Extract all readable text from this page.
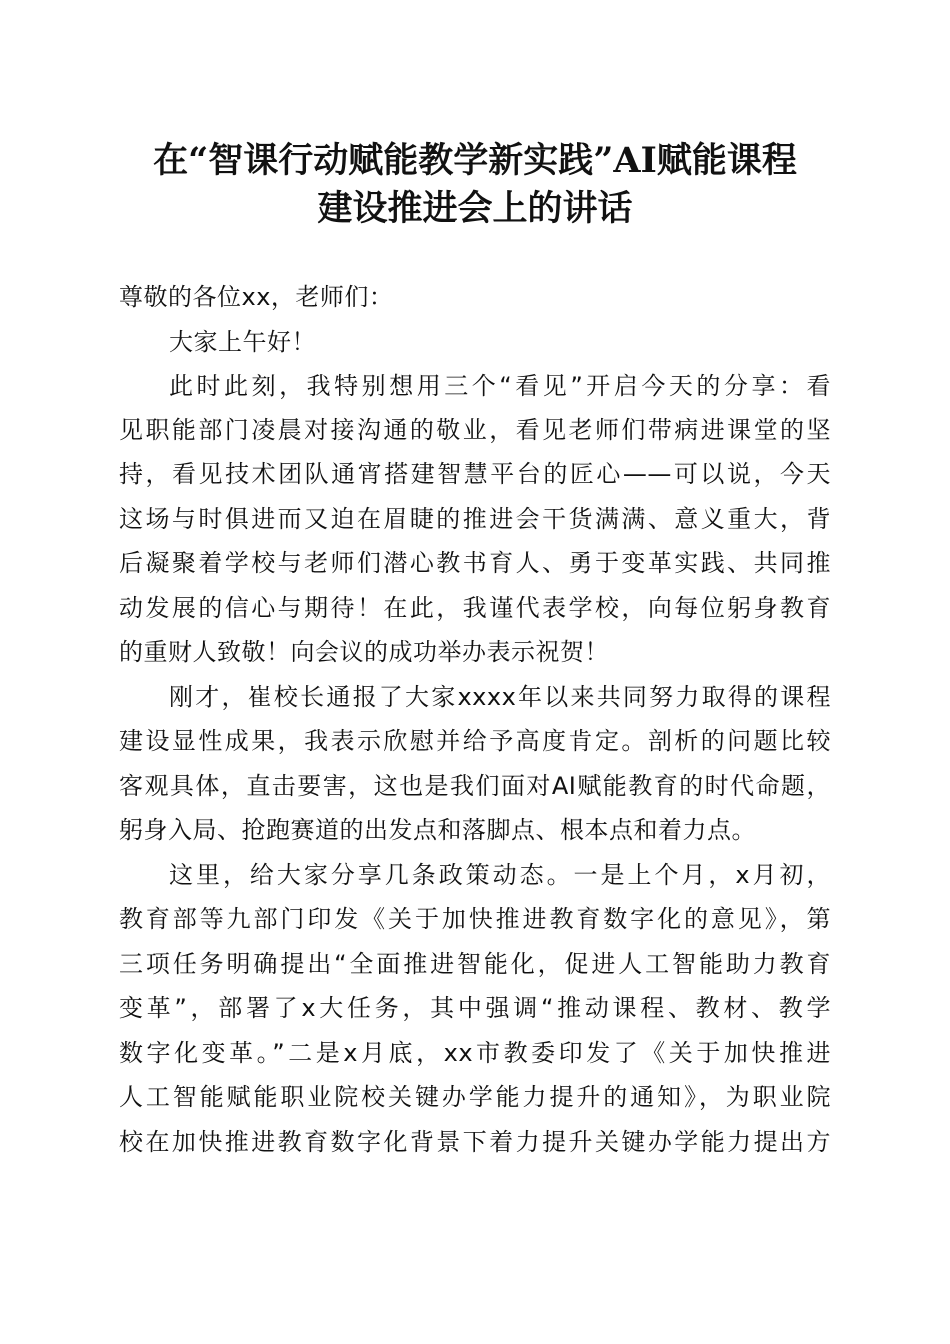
在“智课行动赋能教学新实践”AI赋能课程
建设推进会上的讲话

尊敬的各位xx，老师们：

大家上午好！

此时此刻，我特别想用三个“看见”开启今天的分享：看

见职能部门凌晨对接沟通的敬业，看见老师们带病进课堂的坚

持，看见技术团队通宵搭建智慧平台的匠心——可以说，今天

这场与时俱进而又迫在眉睫的推进会干货满满、意义重大，背

后凝聚着学校与老师们潜心教书育人、勇于变革实践、共同推

动发展的信心与期待！在此，我谨代表学校，向每位躬身教育

的重财人致敬！向会议的成功举办表示祝贺！

刚才，崔校长通报了大家xxxx年以来共同努力取得的课程

建设显性成果，我表示欣慰并给予高度肯定。剖析的问题比较

客观具体，直击要害，这也是我们面对AI赋能教育的时代命题，

躬身入局、抢跑赛道的出发点和落脚点、根本点和着力点。

这里，给大家分享几条政策动态。一是上个月，x月初，

教育部等九部门印发《关于加快推进教育数字化的意见》，第

三项任务明确提出“全面推进智能化，促进人工智能助力教育

变革”，部署了x大任务，其中强调“推动课程、教材、教学

数字化变革。”二是x月底，xx市教委印发了《关于加快推进

人工智能赋能职业院校关键办学能力提升的通知》，为职业院

校在加快推进教育数字化背景下着力提升关键办学能力提出方
